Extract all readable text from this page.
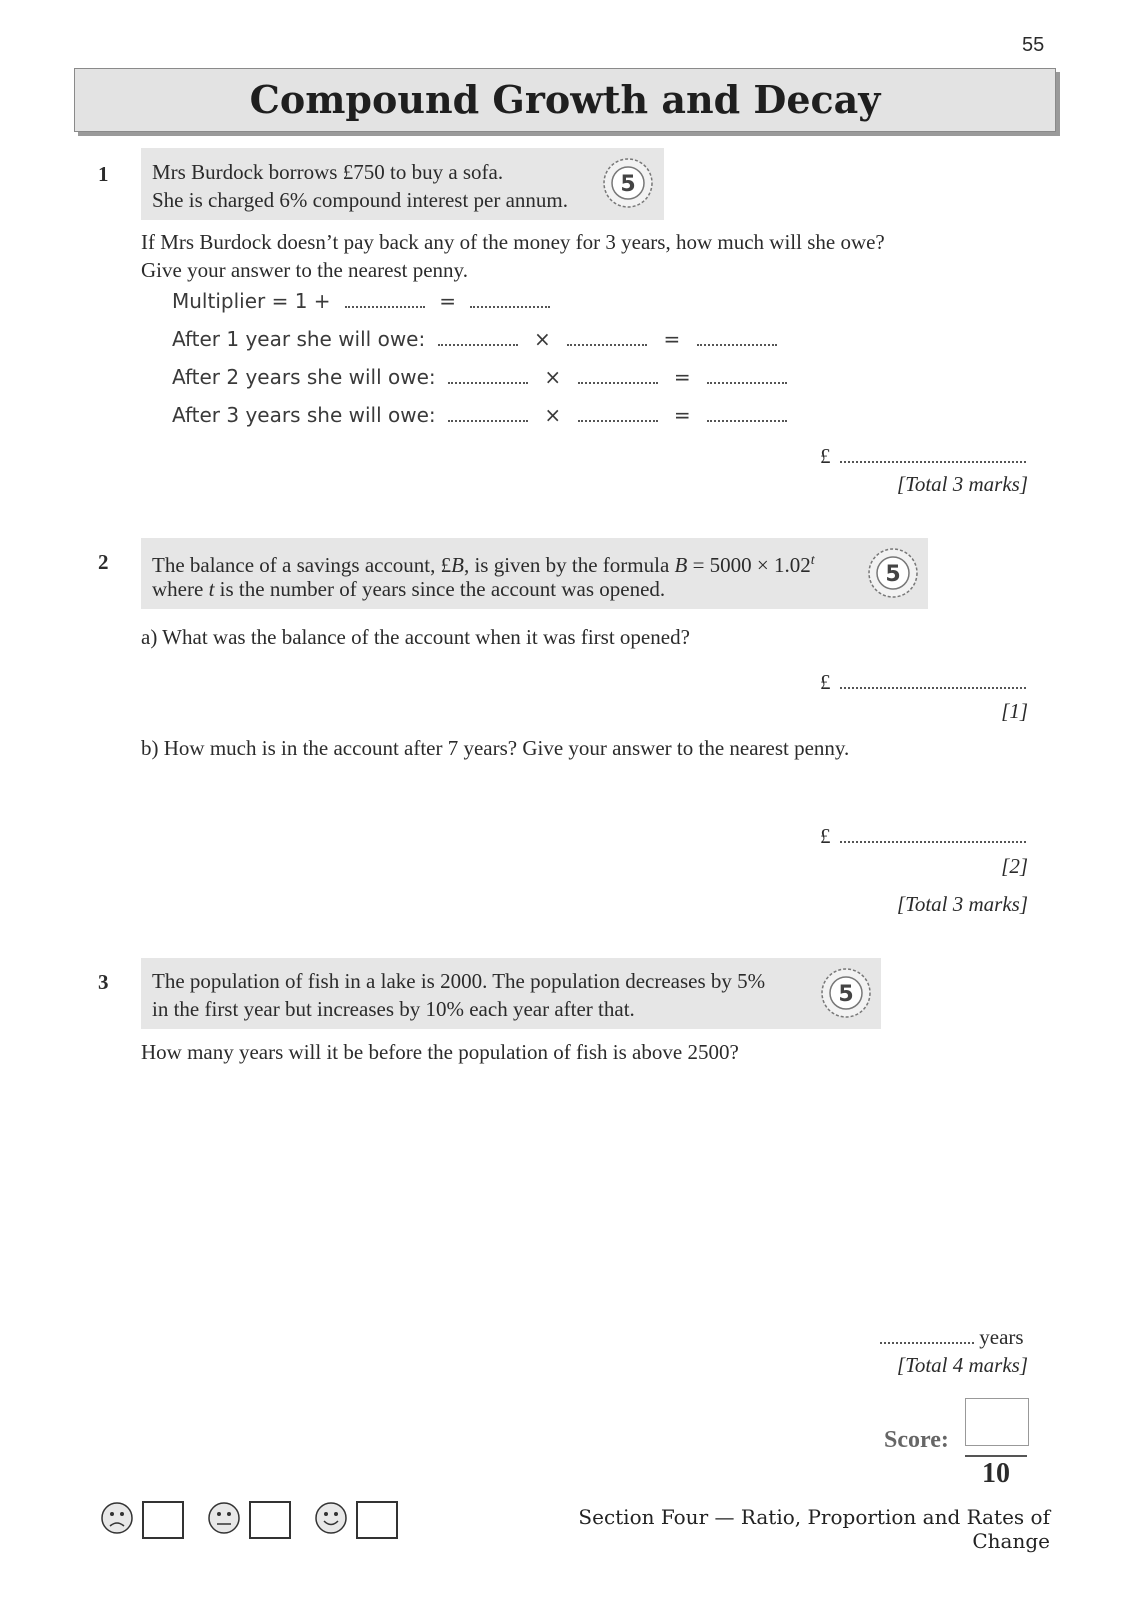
55
Compound Growth and Decay
1 Mrs Burdock borrows £750 to buy a sofa.
She is charged 6% compound interest per annum.
5
If Mrs Burdock doesn’t pay back any of the money for 3 years, how much will she owe?
Give your answer to the nearest penny.
Multiplier = 1 +	=
After 1 year she will owe:	×	=
After 2 years she will owe:	×	=
After 3 years she will owe:	×	=
£
[Total 3 marks]
2 The balance of a savings account, £B, is given by the formula $B = 5000 \times 1.02^t$
where t is the number of years since the account was opened.
5
a) What was the balance of the account when it was first opened?
£
[1]
b) How much is in the account after 7 years? Give your answer to the nearest penny.
£
[2]
[Total 3 marks]
3 The population of fish in a lake is 2000. The population decreases by 5%
in the first year but increases by 10% each year after that.
5
How many years will it be before the population of fish is above 2500?
years
[Total 4 marks]
Score:
10
Section Four — Ratio, Proportion and Rates of Change
